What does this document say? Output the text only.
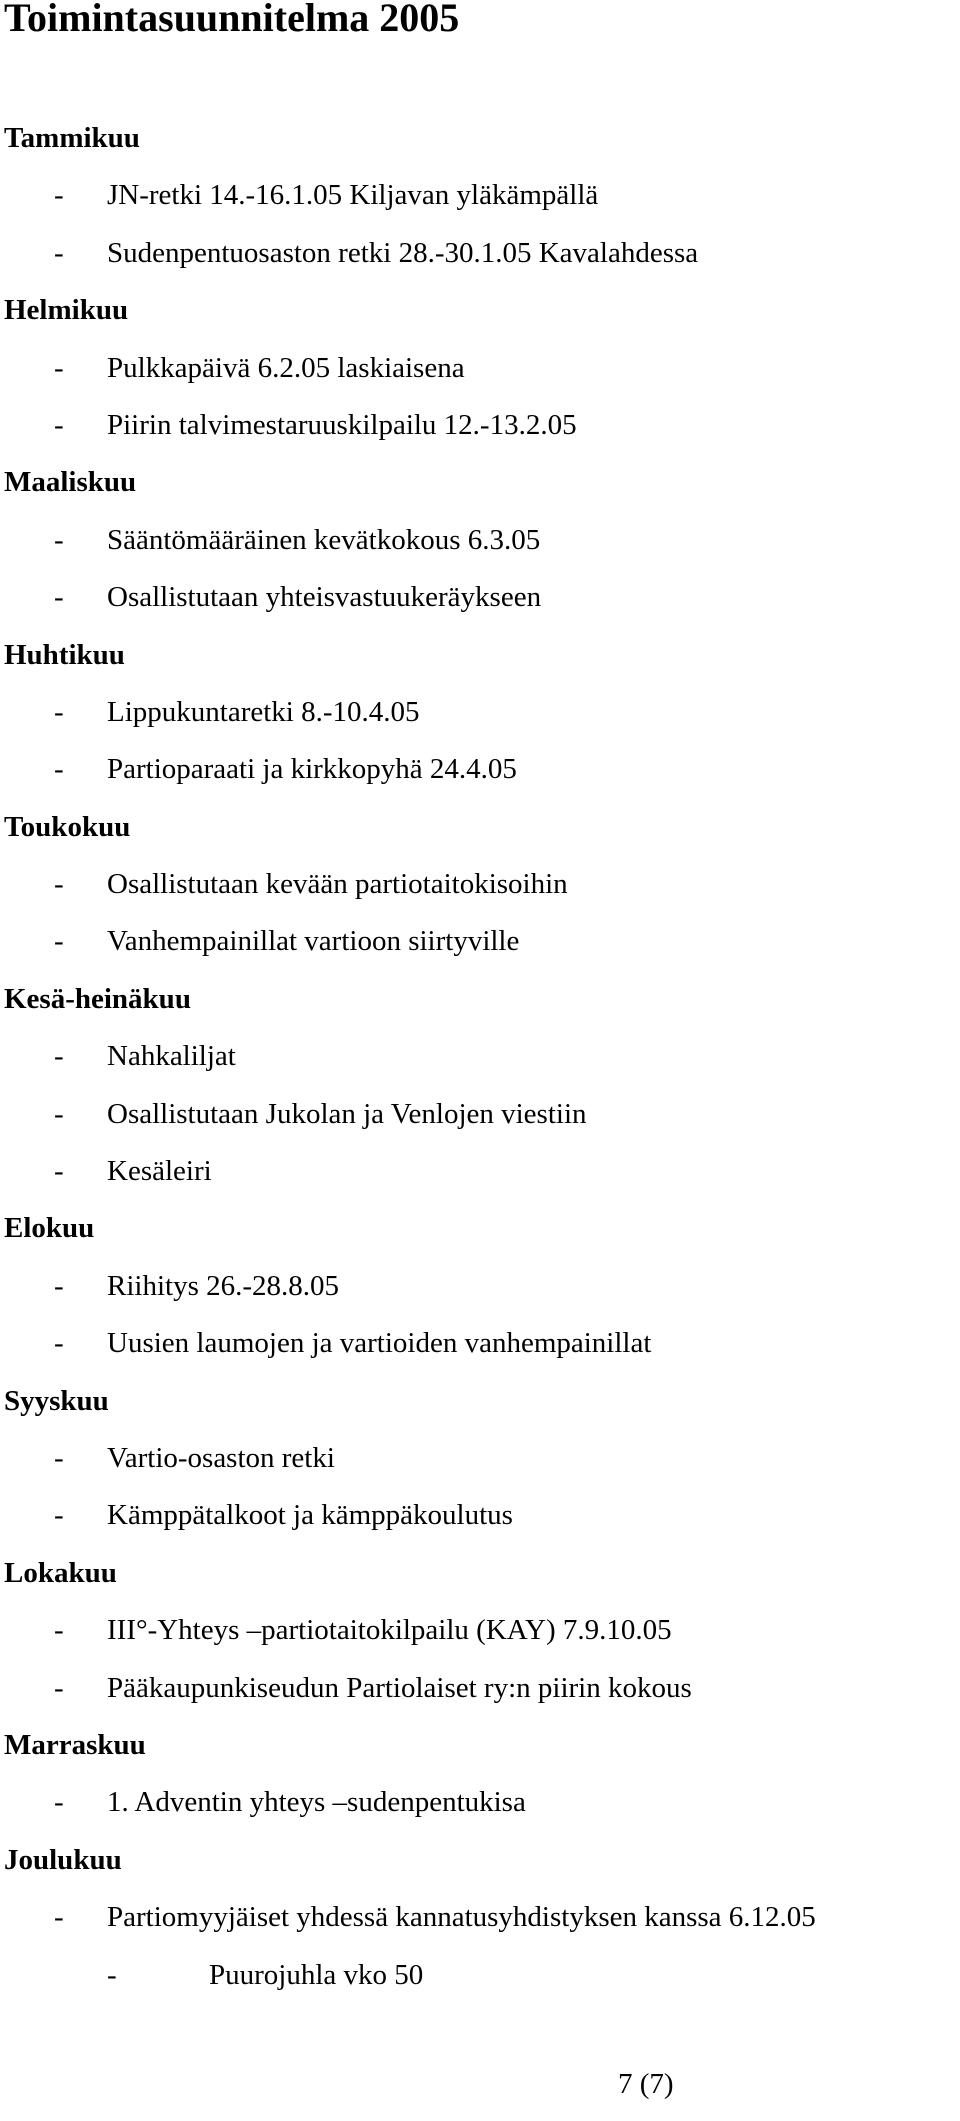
Toimintasuunnitelma 2005
Tammikuu
- JN-retki 14.-16.1.05 Kiljavan yläkämpällä
- Sudenpentuosaston retki 28.-30.1.05 Kavalahdessa
Helmikuu
- Pulkkapäivä 6.2.05 laskiaisena
- Piirin talvimestaruuskilpailu 12.-13.2.05
Maaliskuu
- Sääntömääräinen kevätkokous 6.3.05
- Osallistutaan yhteisvastuukeräykseen
Huhtikuu
- Lippukuntaretki 8.-10.4.05
- Partioparaati ja kirkkopyhä 24.4.05
Toukokuu
- Osallistutaan kevään partiotaitokisoihin
- Vanhempainillat vartioon siirtyville
Kesä-heinäkuu
- Nahkaliljat
- Osallistutaan Jukolan ja Venlojen viestiin
- Kesäleiri
Elokuu
- Riihitys 26.-28.8.05
- Uusien laumojen ja vartioiden vanhempainillat
Syyskuu
- Vartio-osaston retki
- Kämppätalkoot ja kämppäkoulutus
Lokakuu
- III°-Yhteys –partiotaitokilpailu (KAY) 7.9.10.05
- Pääkaupunkiseudun Partiolaiset ry:n piirin kokous
Marraskuu
- 1. Adventin yhteys –sudenpentukisa
Joulukuu
- Partiomyyjäiset yhdessä kannatusyhdistyksen kanssa 6.12.05
-	Puurojuhla vko 50
7 (7)
